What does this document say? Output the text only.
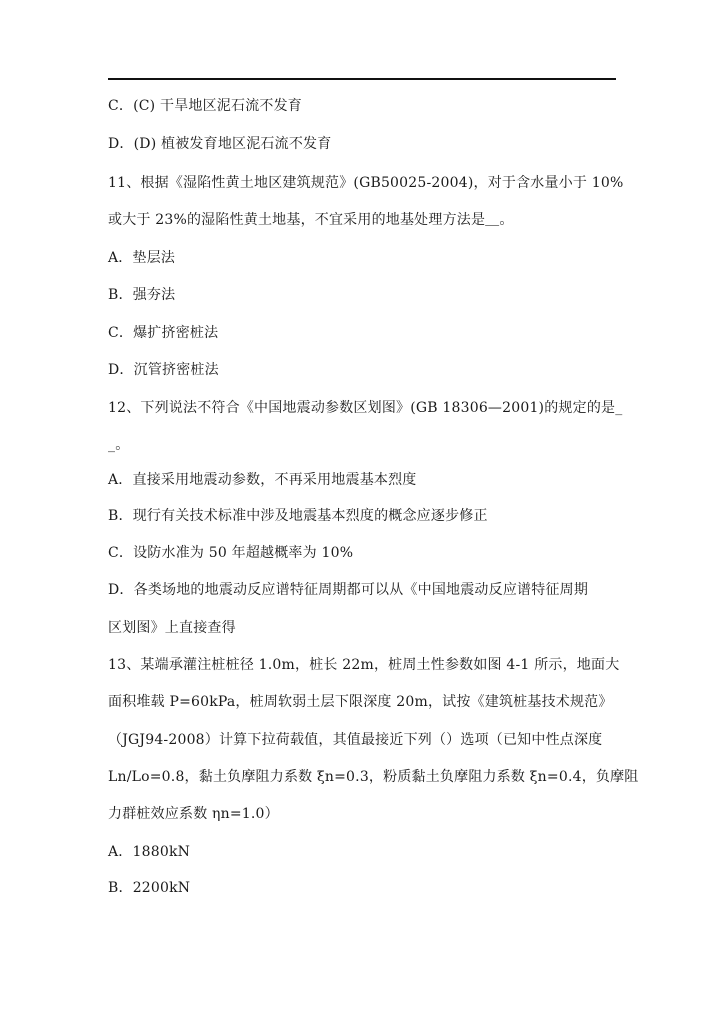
C．(C) 干旱地区泥石流不发育
D．(D) 植被发育地区泥石流不发育
11、根据《湿陷性黄土地区建筑规范》(GB50025-2004)，对于含水量小于 10%
或大于 23%的湿陷性黄土地基，不宜采用的地基处理方法是＿。
A．垫层法
B．强夯法
C．爆扩挤密桩法
D．沉管挤密桩法
12、下列说法不符合《中国地震动参数区划图》(GB 18306—2001)的规定的是_
_。
A．直接采用地震动参数，不再采用地震基本烈度
B．现行有关技术标准中涉及地震基本烈度的概念应逐步修正
C．设防水准为 50 年超越概率为 10%
D．各类场地的地震动反应谱特征周期都可以从《中国地震动反应谱特征周期
区划图》上直接查得
13、某端承灌注桩桩径 1.0m，桩长 22m，桩周土性参数如图 4-1 所示，地面大
面积堆载 P=60kPa，桩周软弱土层下限深度 20m，试按《建筑桩基技术规范》
（JGJ94-2008）计算下拉荷载值，其值最接近下列（）选项（已知中性点深度
Ln/Lo=0.8，黏土负摩阻力系数 ξn=0.3，粉质黏土负摩阻力系数 ξn=0.4，负摩阻
力群桩效应系数 ηn=1.0）
A．1880kN
B．2200kN
